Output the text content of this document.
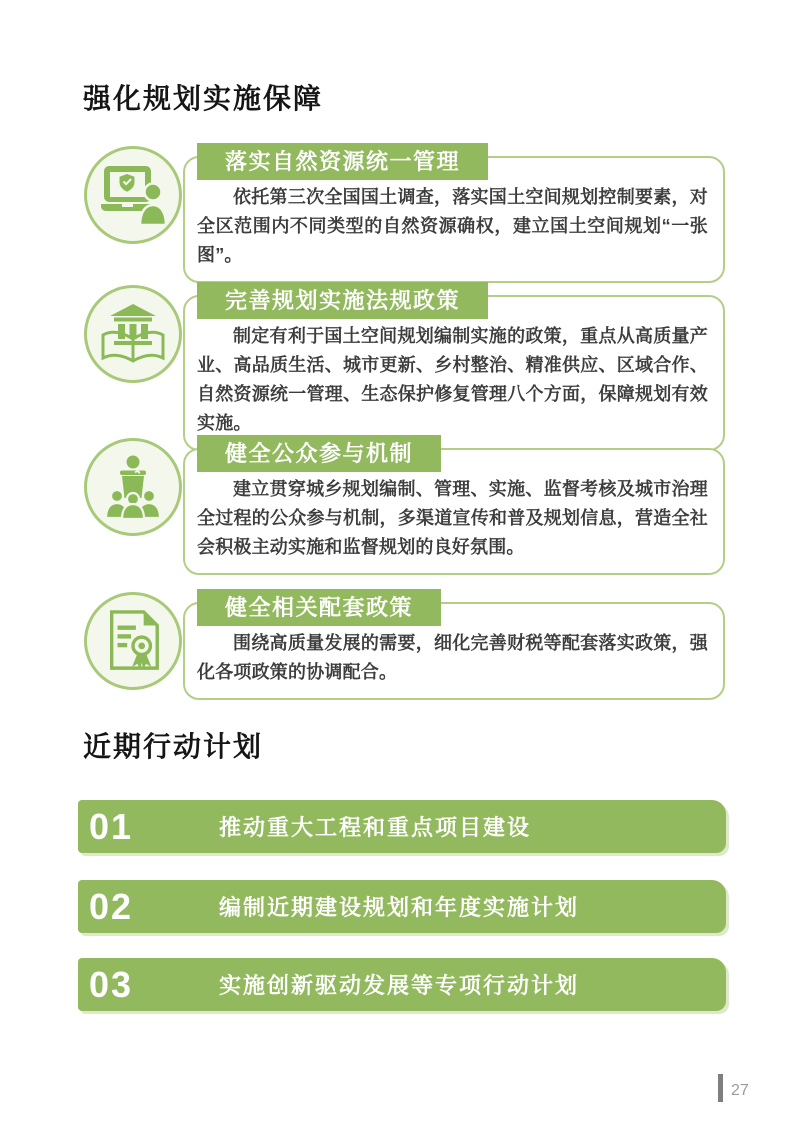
强化规划实施保障
落实自然资源统一管理

依托第三次全国国土调查，落实国土空间规划控制要素，对全区范围内不同类型的自然资源确权，建立国土空间规划“一张图”。

完善规划实施法规政策

制定有利于国土空间规划编制实施的政策，重点从高质量产业、高品质生活、城市更新、乡村整治、精准供应、区域合作、自然资源统一管理、生态保护修复管理八个方面，保障规划有效实施。

健全公众参与机制

建立贯穿城乡规划编制、管理、实施、监督考核及城市治理全过程的公众参与机制，多渠道宣传和普及规划信息，营造全社会积极主动实施和监督规划的良好氛围。

健全相关配套政策

围绕高质量发展的需要，细化完善财税等配套落实政策，强化各项政策的协调配合。

近期行动计划
01	推动重大工程和重点项目建设
02	编制近期建设规划和年度实施计划
03	实施创新驱动发展等专项行动计划
27
